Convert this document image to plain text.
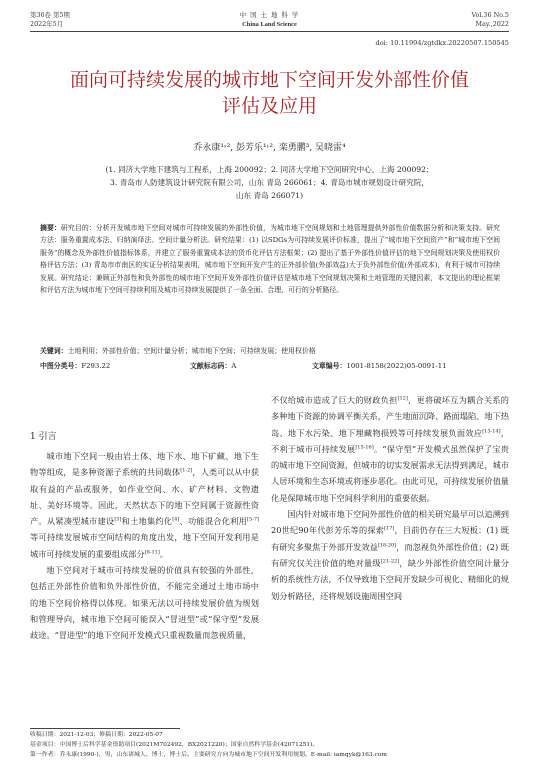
第36卷 第5期
2022年5月
中 国 土 地 科 学
China Land Science
Vol.36 No.5
May.,2022
doi: 10.11994/zgtdkx.20220507.150545
面向可持续发展的城市地下空间开发外部性价值
评估及应用
乔永康¹˒², 彭芳乐¹˒², 栾勇鹏³, 吴晓雷⁴
(1. 同济大学地下建筑与工程系，上海 200092；2. 同济大学地下空间研究中心，上海 200092；
3. 青岛市人防建筑设计研究院有限公司，山东 青岛 266061；4. 青岛市城市规划设计研究院，
山东 青岛 266071)
摘要：研究目的：分析开发城市地下空间对城市可持续发展的外部性价值，为城市地下空间规划和土地管理提供外部性价值数据分析和决策支持。研究方法：服务重置成本法、归纳演绎法、空间计量分析法。研究结果：(1) 以SDGs为可持续发展评价标准，提出了“城市地下空间资产”和“城市地下空间服务”的概念及外部性价值指标体系，并建立了服务重置成本法的货币化评估方法框架；(2) 提出了基于外部性价值评估的地下空间规划决策及使用权价格评估方法；(3) 青岛市市南区的实证分析结果表明，城市地下空间开发产生的正外部价值(外部效益)大于负外部性价值(外部成本)，有利于城市可持续发展。研究结论：兼顾正外部性和负外部性的城市地下空间开发外部性价值评估是城市地下空间规划决策和土地管理的关键因素，本文提出的理论框架和评估方法为城市地下空间可持续利用及城市可持续发展提供了一条全面、合理、可行的分析路径。
关键词：土地利用；外部性价值；空间计量分析；城市地下空间；可持续发展；使用权价格
中图分类号：F293.22	文献标志码：A	文章编号：1001-8158(2022)05-0091-11
1 引言

城市地下空间一般由岩土体、地下水、地下矿藏、地下生物等组成，是多种资源子系统的共同载体[1-2]，人类可以从中获取有益的产品或服务，如作业空间、水、矿产材料、文物遗址、美好环境等。因此，天然状态下的地下空间属于资源性资产。从紧凑型城市建设[3]和土地集约化[4]、功能混合化利用[5-7]等可持续发展城市空间结构的角度出发，地下空间开发利用是城市可持续发展的重要组成部分[8-11]。

地下空间对于城市可持续发展的价值具有较强的外部性，包括正外部性价值和负外部性价值，不能完全通过土地市场中的地下空间价格得以体现。如果无法以可持续发展价值为规划和管理导向，城市地下空间可能误入“冒进型”或“保守型”发展歧途。“冒进型”的地下空间开发模式只重视数量而忽视质量，

不仅给城市造成了巨大的财政负担[12]，更将破坏互为耦合关系的多种地下资源的协调平衡关系，产生地面沉降、路面塌陷、地下热岛、地下水污染、地下埋藏物损毁等可持续发展负面效应[13-14]，不利于城市可持续发展[15-16]。“保守型”开发模式虽然保护了宝贵的城市地下空间资源，但城市的切实发展需求无法得到满足，城市人居环境和生态环境或将逐步恶化。由此可见，可持续发展价值量化是保障城市地下空间科学利用的重要依据。

国内针对城市地下空间外部性价值的相关研究最早可以追溯到20世纪90年代彭芳乐等的探索[17]，目前仍存在三大短板：(1) 既有研究多聚焦于外部开发效益[18-20]，而忽视负外部性价值；(2) 既有研究仅关注价值的绝对量级[21-22]，缺少外部性价值空间计量分析的系统性方法，不仅导致地下空间开发缺少可视化、精细化的规划分析路径，还将规划设施周围空间

收稿日期：2021-12-03；修稿日期：2022-05-07
基金项目：中国博士后科学基金资助项目(2021M702492，BX2021220)；国家自然科学基金(42071251)。
第一作者：乔永康(1990-)，男，山东诸城人，博士，博士后。主要研究方向为城市地下空间开发利用规划。E-mail: iamqyk@163.com
